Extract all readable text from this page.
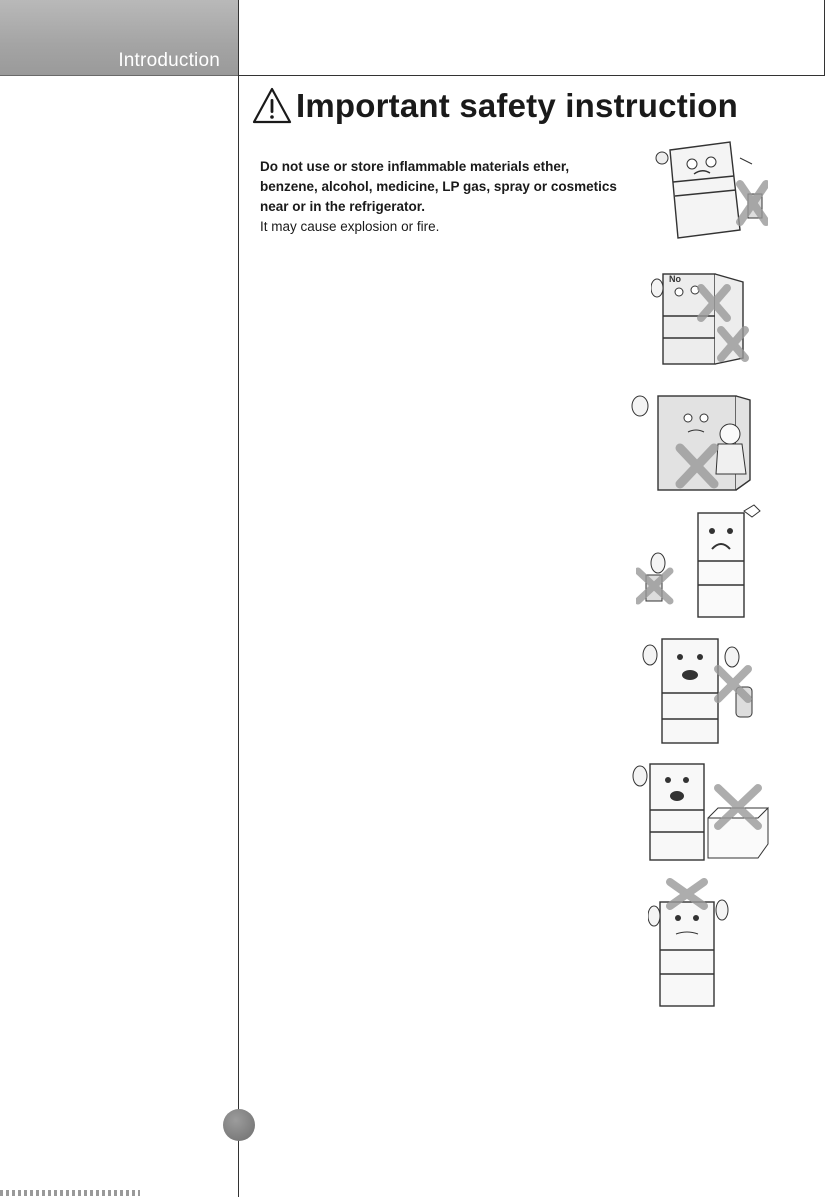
Introduction
Important safety instruction
Do not use or store inflammable materials ether, benzene, alcohol, medicine, LP gas, spray or cosmetics near or in the refrigerator.
It may cause explosion or fire.
No
